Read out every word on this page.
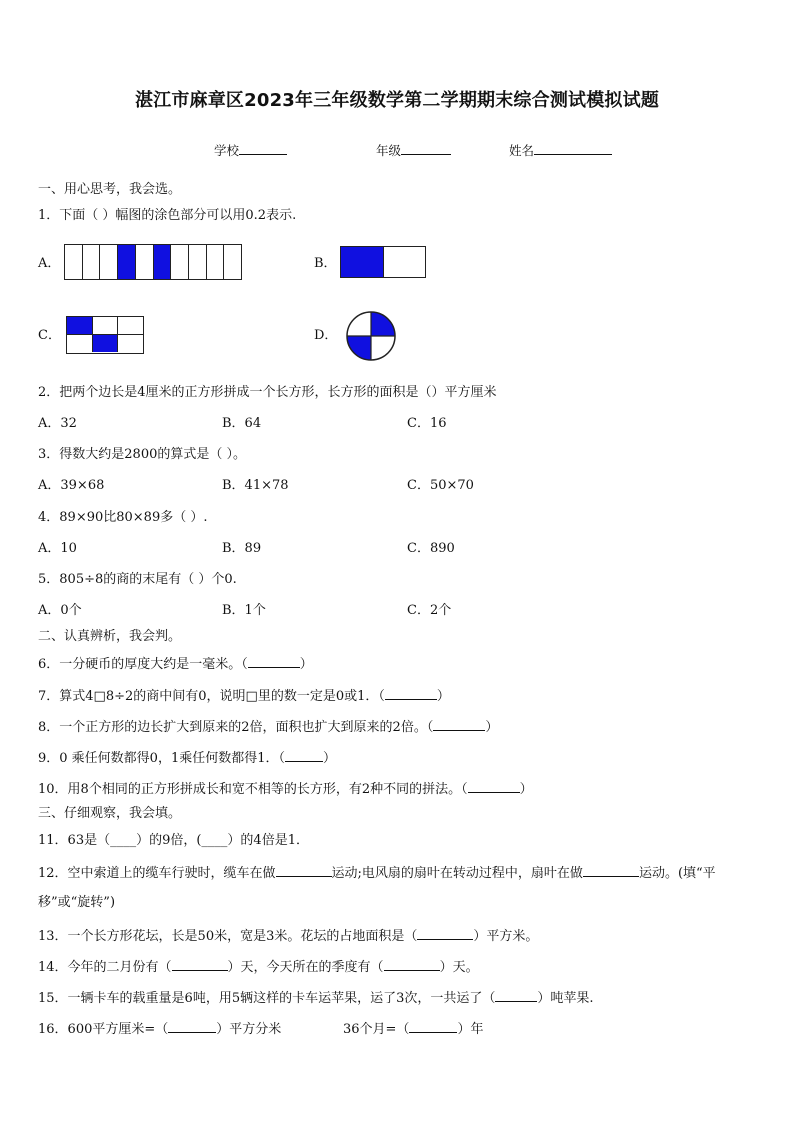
湛江市麻章区2023年三年级数学第二学期期末综合测试模拟试题
学校	年级	姓名
一、用心思考，我会选。
1．下面（ ）幅图的涂色部分可以用0.2表示.
A．	B．
C．	D．
2．把两个边长是4厘米的正方形拼成一个长方形，长方形的面积是（）平方厘米
A．32	B．64	C．16
3．得数大约是2800的算式是（ ）。
A．39×68	B．41×78	C．50×70
4．89×90比80×89多（ ）.
A．10	B．89	C．890
5．805÷8的商的末尾有（ ）个0.
A．0个	B．1个	C．2个
二、认真辨析，我会判。
6．一分硬币的厚度大约是一毫米。（	）
7．算式4□8÷2的商中间有0，说明□里的数一定是0或1．（	）
8．一个正方形的边长扩大到原来的2倍，面积也扩大到原来的2倍。（	）
9．0 乘任何数都得0，1乘任何数都得1．（	）
10．用8个相同的正方形拼成长和宽不相等的长方形，有2种不同的拼法。（	）
三、仔细观察，我会填。
11．63是（____）的9倍，(____）的4倍是1．
12．空中索道上的缆车行驶时，缆车在做	运动;电风扇的扇叶在转动过程中，扇叶在做	运动。(填“平
移”或“旋转”)
13．一个长方形花坛，长是50米，宽是3米。花坛的占地面积是（	）平方米。
14．今年的二月份有（	）天，今天所在的季度有（	）天。
15．一辆卡车的载重量是6吨，用5辆这样的卡车运苹果，运了3次，一共运了（	）吨苹果.
16．600平方厘米=（	）平方分米	36个月=（	）年
